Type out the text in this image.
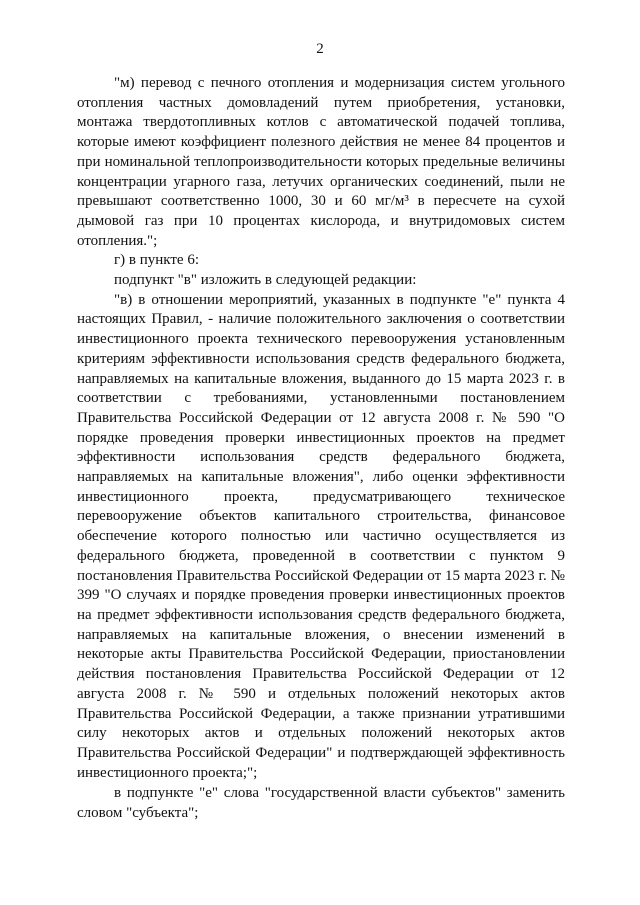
2

"м) перевод с печного отопления и модернизация систем угольного отопления частных домовладений путем приобретения, установки, монтажа твердотопливных котлов с автоматической подачей топлива, которые имеют коэффициент полезного действия не менее 84 процентов и при номинальной теплопроизводительности которых предельные величины концентрации угарного газа, летучих органических соединений, пыли не превышают соответственно 1000, 30 и 60 мг/м³ в пересчете на сухой дымовой газ при 10 процентах кислорода, и внутридомовых систем отопления.";

г) в пункте 6:

подпункт "в" изложить в следующей редакции:

"в) в отношении мероприятий, указанных в подпункте "е" пункта 4 настоящих Правил, - наличие положительного заключения о соответствии инвестиционного проекта технического перевооружения установленным критериям эффективности использования средств федерального бюджета, направляемых на капитальные вложения, выданного до 15 марта 2023 г. в соответствии с требованиями, установленными постановлением Правительства Российской Федерации от 12 августа 2008 г. № 590 "О порядке проведения проверки инвестиционных проектов на предмет эффективности использования средств федерального бюджета, направляемых на капитальные вложения", либо оценки эффективности инвестиционного проекта, предусматривающего техническое перевооружение объектов капитального строительства, финансовое обеспечение которого полностью или частично осуществляется из федерального бюджета, проведенной в соответствии с пунктом 9 постановления Правительства Российской Федерации от 15 марта 2023 г. № 399 "О случаях и порядке проведения проверки инвестиционных проектов на предмет эффективности использования средств федерального бюджета, направляемых на капитальные вложения, о внесении изменений в некоторые акты Правительства Российской Федерации, приостановлении действия постановления Правительства Российской Федерации от 12 августа 2008 г. № 590 и отдельных положений некоторых актов Правительства Российской Федерации, а также признании утратившими силу некоторых актов и отдельных положений некоторых актов Правительства Российской Федерации" и подтверждающей эффективность инвестиционного проекта;";

в подпункте "е" слова "государственной власти субъектов" заменить словом "субъекта";
